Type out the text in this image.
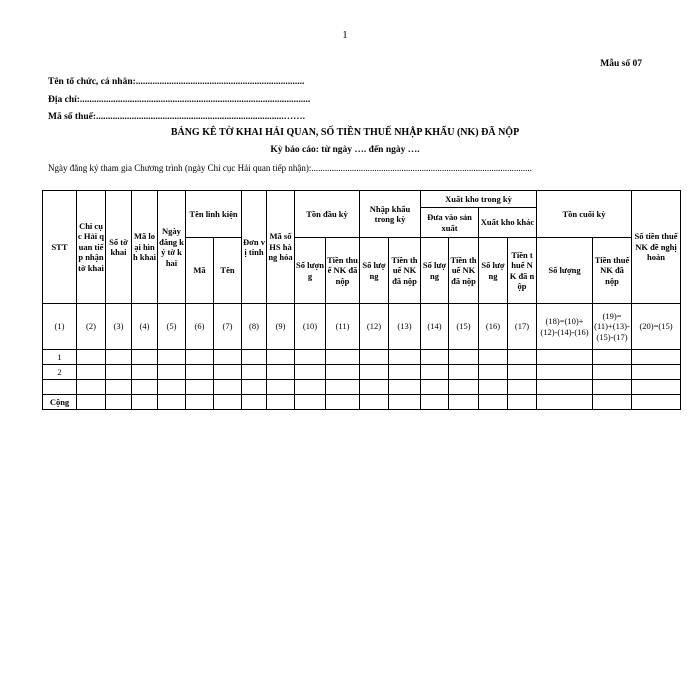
1
Mẫu số 07
Tên tổ chức, cá nhân:.......................................................................
Địa chỉ:.................................................................................................
Mã số thuế:...............................................................................…….
BẢNG KÊ TỜ KHAI HẢI QUAN, SỐ TIỀN THUẾ NHẬP KHẨU (NK) ĐÃ NỘP
Kỳ báo cáo: từ ngày …. đến ngày ….
Ngày đăng ký tham gia Chương trình (ngày Chi cục Hải quan tiếp nhận):..................................................................................................
STT	Chi cục Hải quan tiếp nhận tờ khai	Số tờ khai	Mã loại hình khai	Ngày đăng ký tờ khai	Tên linh kiện		Đơn vị tính	Mã số HS hàng hóa	Tồn đầu kỳ		Nhập khẩu trong kỳ		Xuất kho trong kỳ				Tồn cuối kỳ		Số tiền thuế NK đề nghị hoàn
													Đưa vào sản xuất		Xuất kho khác				
					Mã	Tên			Số lượng	Tiền thuế NK đã nộp	Số lượng	Tiền thuế NK đã nộp	Số lượng	Tiền thuế NK đã nộp	Số lượng	Tiền thuế NK đã nộp	Số lượng	Tiền thuế NK đã nộp	
(1)	(2)	(3)	(4)	(5)	(6)	(7)	(8)	(9)	(10)	(11)	(12)	(13)	(14)	(15)	(16)	(17)	(18)=(10)+(12)-(14)-(16)	(19)=(11)+(13)-(15)-(17)	(20)=(15)
1																			
2																			

Cộng																			
